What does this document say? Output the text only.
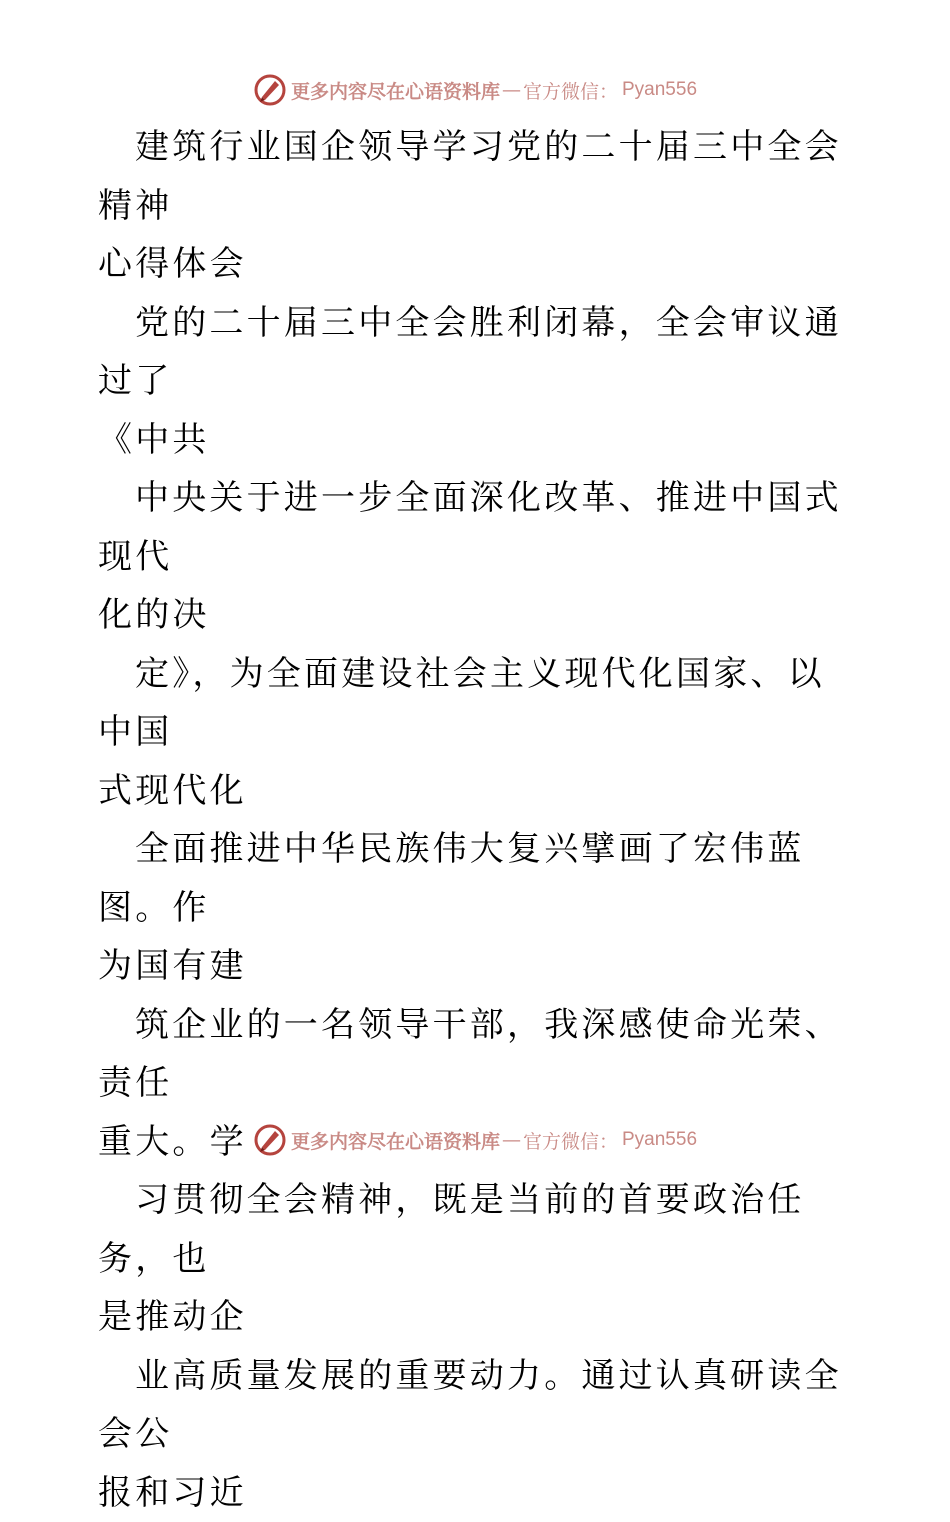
更多内容尽在心语资料库 — 官方微信： Pyan556

建筑行业国企领导学习党的二十届三中全会精神
心得体会

党的二十届三中全会胜利闭幕，全会审议通过了
《中共

中央关于进一步全面深化改革、推进中国式现代
化的决

定》，为全面建设社会主义现代化国家、以中国
式现代化

全面推进中华民族伟大复兴擘画了宏伟蓝图。作
为国有建

筑企业的一名领导干部，我深感使命光荣、责任
重大。学

习贯彻全会精神，既是当前的首要政治任务，也
是推动企

业高质量发展的重要动力。通过认真研读全会公
报和习近

更多内容尽在心语资料库 — 官方微信： Pyan556
